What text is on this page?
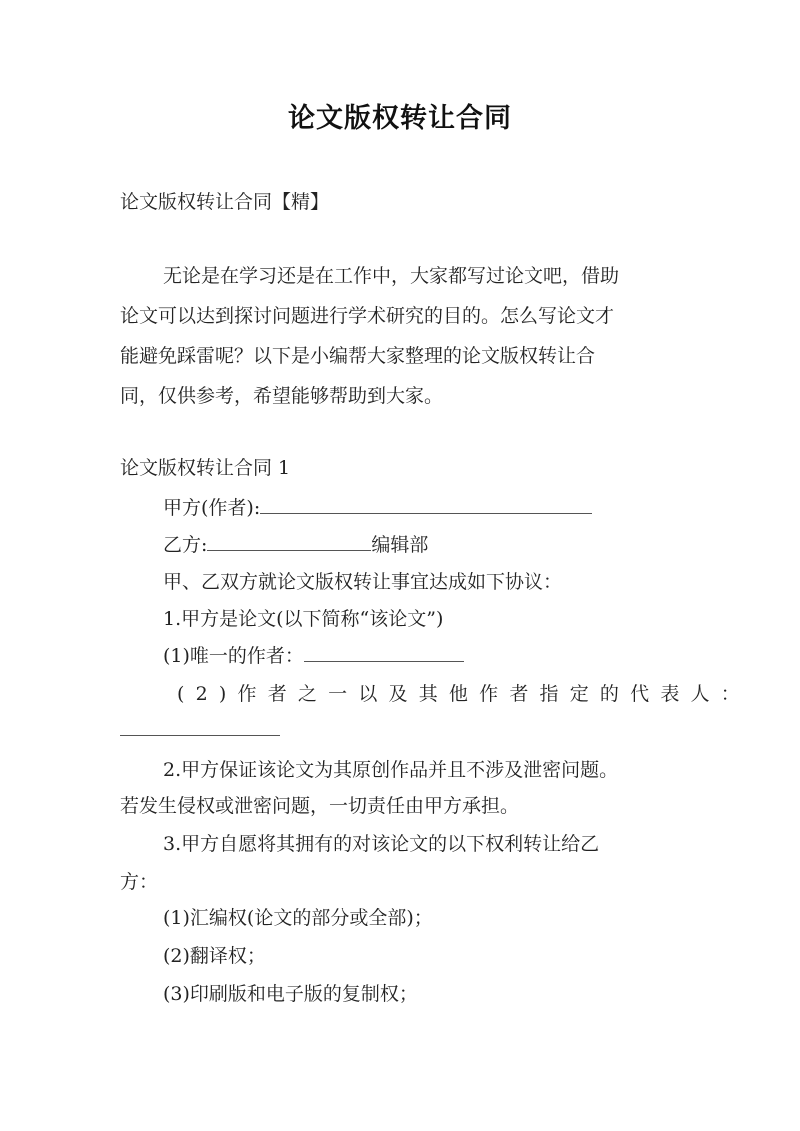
论文版权转让合同
论文版权转让合同【精】
无论是在学习还是在工作中，大家都写过论文吧，借助
论文可以达到探讨问题进行学术研究的目的。怎么写论文才
能避免踩雷呢？以下是小编帮大家整理的论文版权转让合
同，仅供参考，希望能够帮助到大家。
论文版权转让合同 1
甲方(作者):
乙方:	编辑部
甲、乙双方就论文版权转让事宜达成如下协议：
1.甲方是论文(以下简称“该论文”)
(1)唯一的作者：
(2)作者之一以及其他作者指定的代表人：
2.甲方保证该论文为其原创作品并且不涉及泄密问题。
若发生侵权或泄密问题，一切责任由甲方承担。
3.甲方自愿将其拥有的对该论文的以下权利转让给乙
方：
(1)汇编权(论文的部分或全部)；
(2)翻译权；
(3)印刷版和电子版的复制权；
